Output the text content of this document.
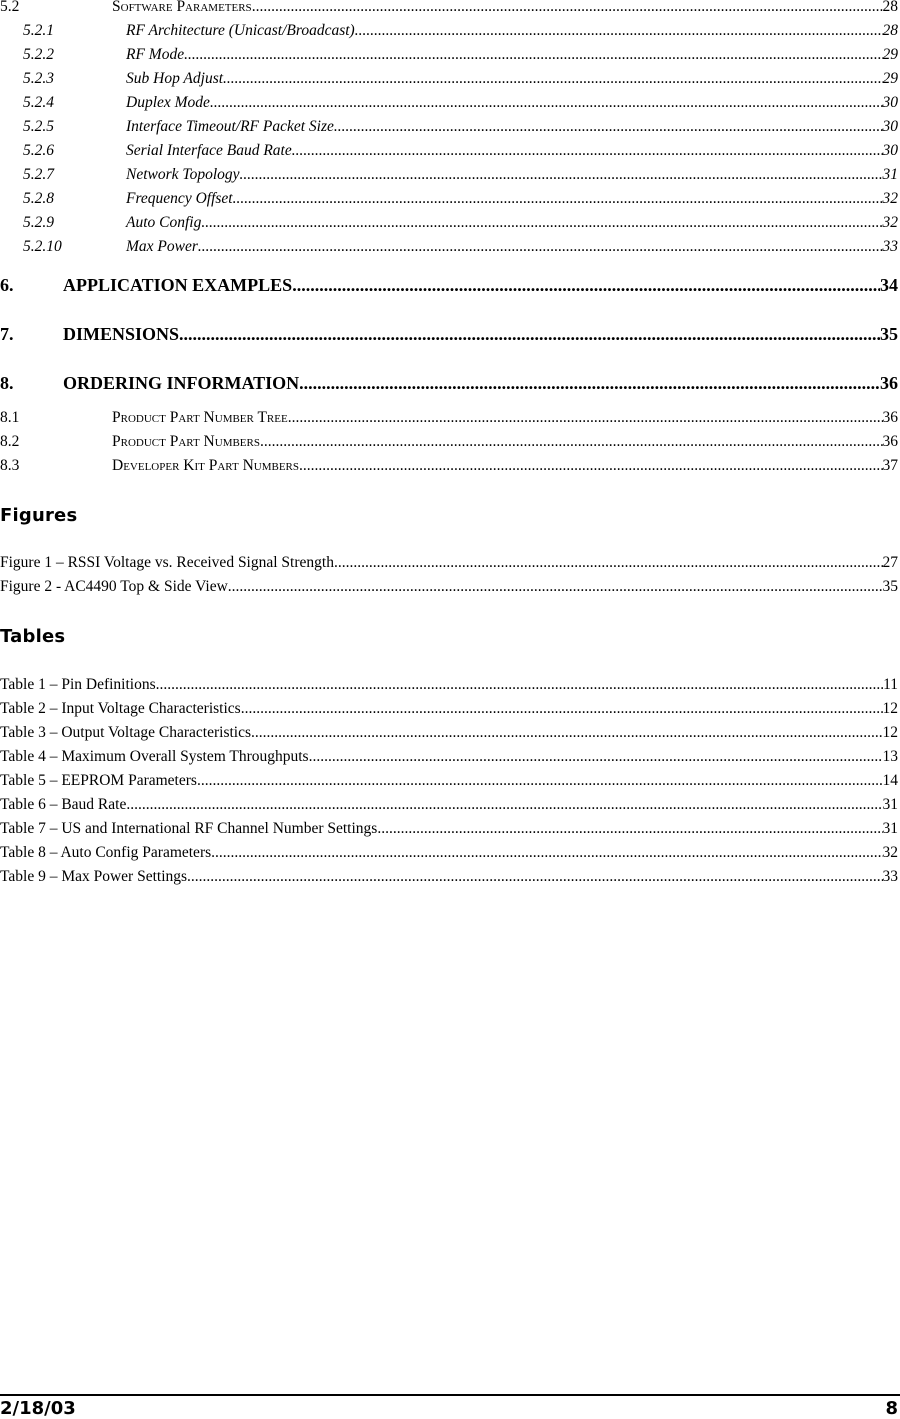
5.2	Software Parameters .....	28
5.2.1	RF Architecture (Unicast/Broadcast) .....	28
5.2.2	RF Mode .....	29
5.2.3	Sub Hop Adjust .....	29
5.2.4	Duplex Mode .....	30
5.2.5	Interface Timeout/RF Packet Size .....	30
5.2.6	Serial Interface Baud Rate .....	30
5.2.7	Network Topology .....	31
5.2.8	Frequency Offset .....	32
5.2.9	Auto Config .....	32
5.2.10	Max Power .....	33
6.	APPLICATION EXAMPLES .....	34
7.	DIMENSIONS .....	35
8.	ORDERING INFORMATION .....	36
8.1	Product Part Number Tree .....	36
8.2	Product Part Numbers .....	36
8.3	Developer Kit Part Numbers .....	37
Figures
Figure 1 – RSSI Voltage vs. Received Signal Strength .....	27
Figure 2 - AC4490 Top & Side View .....	35
Tables
Table 1 – Pin Definitions .....	11
Table 2 – Input Voltage Characteristics .....	12
Table 3 – Output Voltage Characteristics .....	12
Table 4 – Maximum Overall System Throughputs .....	13
Table 5 – EEPROM Parameters .....	14
Table 6 – Baud Rate .....	31
Table 7 – US and International RF Channel Number Settings .....	31
Table 8 – Auto Config Parameters .....	32
Table 9 – Max Power Settings .....	33
2/18/03	8
